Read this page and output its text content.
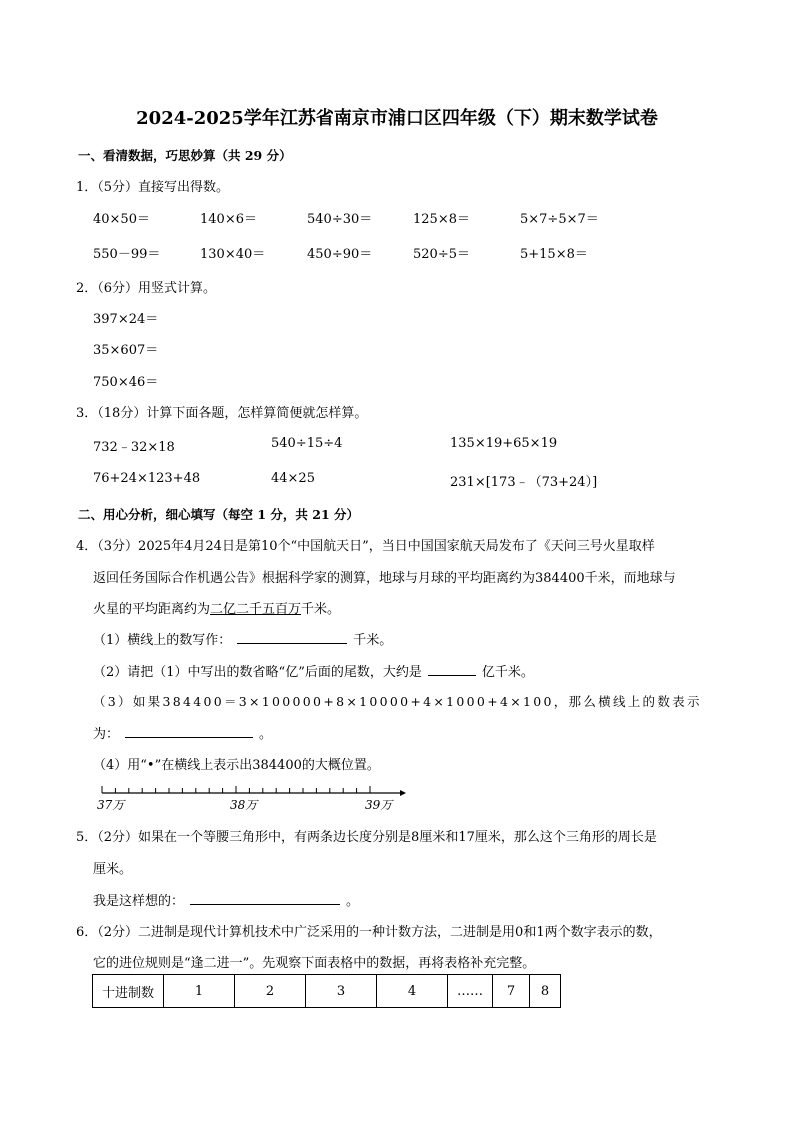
2024-2025学年江苏省南京市浦口区四年级（下）期末数学试卷
一、看清数据，巧思妙算（共 29 分）
1．（5分）直接写出得数。
40×50＝	140×6＝	540÷30＝	125×8＝	5×7÷5×7＝
550－99＝	130×40＝	450÷90＝	520÷5＝	5+15×8＝
2．（6分）用竖式计算。
397×24＝
35×607＝
750×46＝
3．（18分）计算下面各题，怎样算简便就怎样算。
732﹣32×18	540÷15÷4	135×19+65×19
76+24×123+48	44×25	231×[173﹣（73+24）]
二、用心分析，细心填写（每空 1 分，共 21 分）
4．（3分）2025年4月24日是第10个“中国航天日”，当日中国国家航天局发布了《天问三号火星取样
返回任务国际合作机遇公告》根据科学家的测算，地球与月球的平均距离约为384400千米，而地球与
火星的平均距离约为二亿二千五百万千米。
（1）横线上的数写作：	千米。
（2）请把（1）中写出的数省略“亿”后面的尾数，大约是	亿千米。
（3）如果384400＝3×100000+8×10000+4×1000+4×100，那么横线上的数表示
为：	。
（4）用“•”在横线上表示出384400的大概位置。
37万	38万	39万
5．（2分）如果在一个等腰三角形中，有两条边长度分别是8厘米和17厘米，那么这个三角形的周长是
厘米。
我是这样想的：	。
6．（2分）二进制是现代计算机技术中广泛采用的一种计数方法，二进制是用0和1两个数字表示的数，
它的进位规则是“逢二进一”。先观察下面表格中的数据，再将表格补充完整。
十进制数	1	2	3	4	……	7	8
